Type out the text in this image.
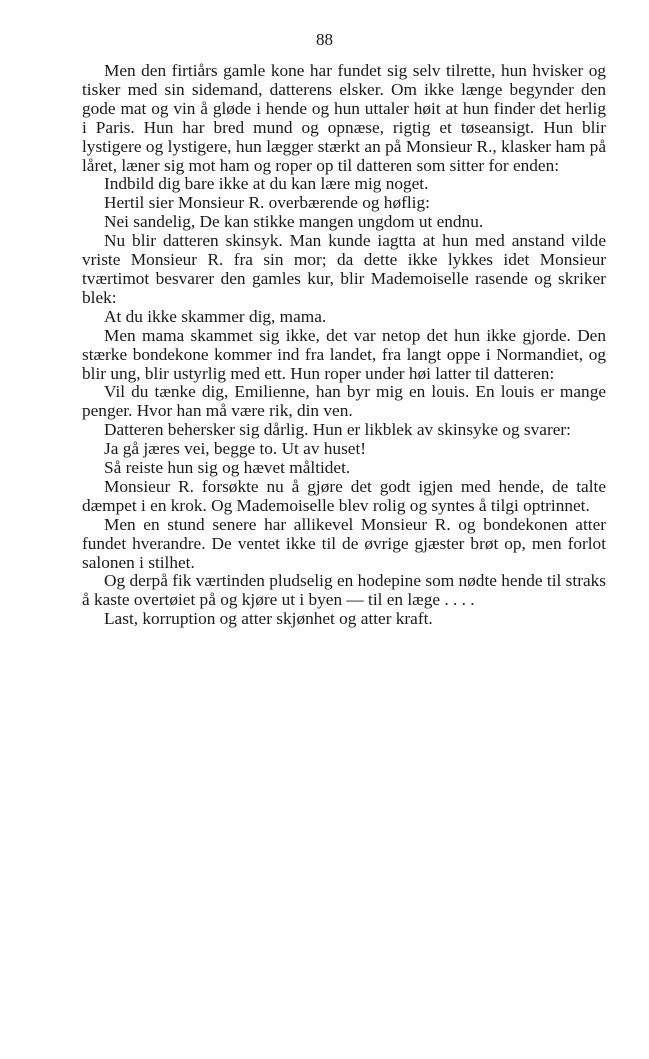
88

Men den firtiårs gamle kone har fundet sig selv tilrette, hun hvisker og tisker med sin sidemand, datterens elsker. Om ikke længe begynder den gode mat og vin å gløde i hende og hun uttaler høit at hun finder det herlig i Paris. Hun har bred mund og opnæse, rigtig et tøseansigt. Hun blir lystigere og lystigere, hun lægger stærkt an på Monsieur R., klasker ham på låret, læner sig mot ham og roper op til datteren som sitter for enden:

Indbild dig bare ikke at du kan lære mig noget.

Hertil sier Monsieur R. overbærende og høflig:

Nei sandelig, De kan stikke mangen ungdom ut endnu.

Nu blir datteren skinsyk. Man kunde iagtta at hun med anstand vilde vriste Monsieur R. fra sin mor; da dette ikke lykkes idet Monsieur tværtimot besvarer den gamles kur, blir Mademoiselle rasende og skriker blek:

At du ikke skammer dig, mama.

Men mama skammet sig ikke, det var netop det hun ikke gjorde. Den stærke bondekone kommer ind fra landet, fra langt oppe i Normandiet, og blir ung, blir ustyrlig med ett. Hun roper under høi latter til datteren:

Vil du tænke dig, Emilienne, han byr mig en louis. En louis er mange penger. Hvor han må være rik, din ven.

Datteren behersker sig dårlig. Hun er likblek av skinsyke og svarer:

Ja gå jæres vei, begge to. Ut av huset!

Så reiste hun sig og hævet måltidet.

Monsieur R. forsøkte nu å gjøre det godt igjen med hende, de talte dæmpet i en krok. Og Mademoiselle blev rolig og syntes å tilgi optrinnet.

Men en stund senere har allikevel Monsieur R. og bondekonen atter fundet hverandre. De ventet ikke til de øvrige gjæster brøt op, men forlot salonen i stilhet.

Og derpå fik værtinden pludselig en hodepine som nødte hende til straks å kaste overtøiet på og kjøre ut i byen — til en læge . . . .

Last, korruption og atter skjønhet og atter kraft.
